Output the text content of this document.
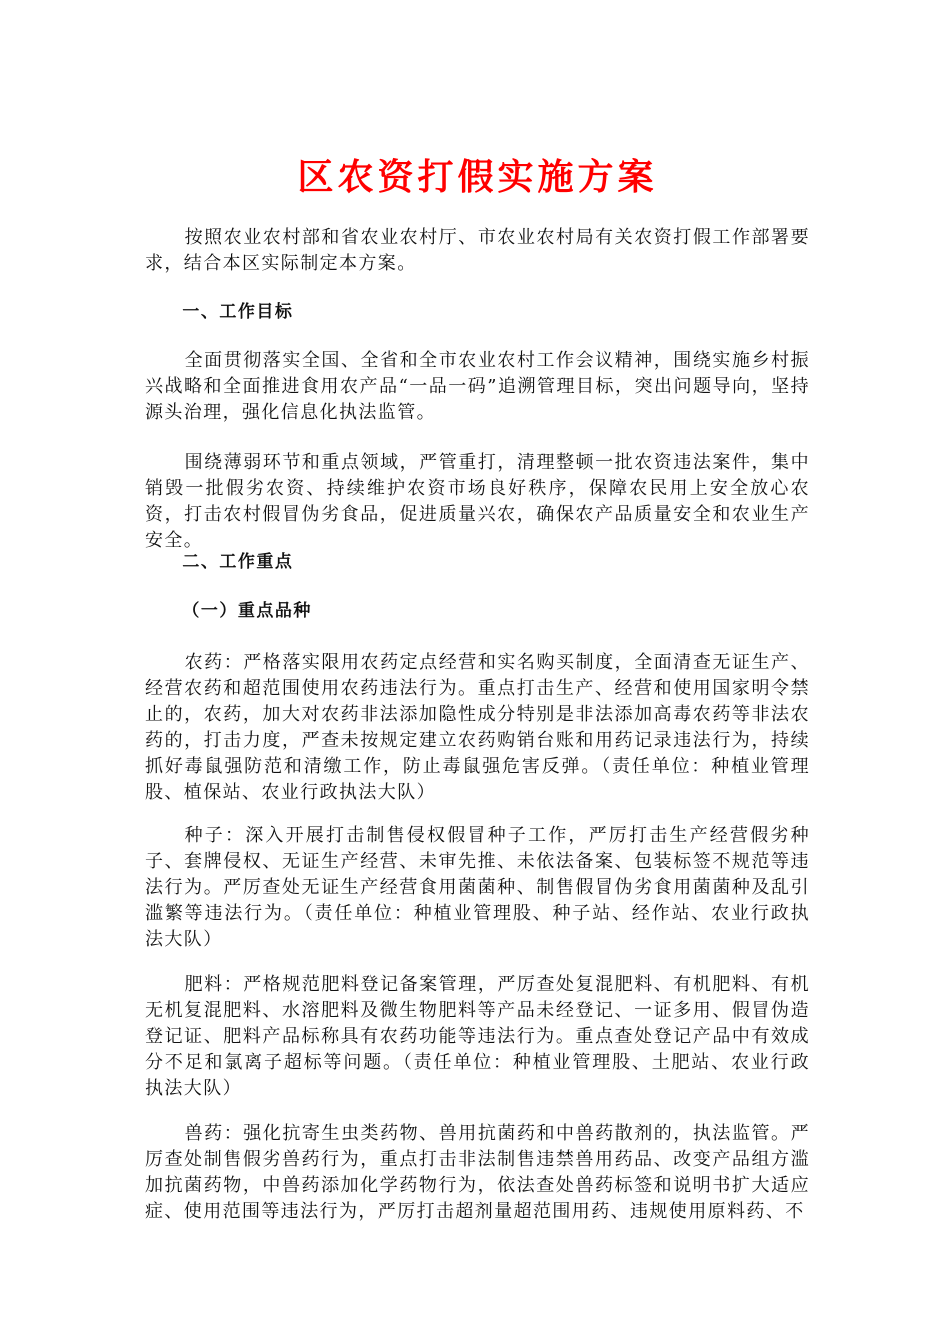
区农资打假实施方案
按照农业农村部和省农业农村厅、市农业农村局有关农资打假工作部署要求，结合本区实际制定本方案。
一、工作目标
全面贯彻落实全国、全省和全市农业农村工作会议精神，围绕实施乡村振兴战略和全面推进食用农产品“一品一码”追溯管理目标，突出问题导向，坚持源头治理，强化信息化执法监管。
围绕薄弱环节和重点领域，严管重打，清理整顿一批农资违法案件，集中销毁一批假劣农资、持续维护农资市场良好秩序，保障农民用上安全放心农资，打击农村假冒伪劣食品，促进质量兴农，确保农产品质量安全和农业生产安全。
二、工作重点
（一）重点品种
农药：严格落实限用农药定点经营和实名购买制度，全面清查无证生产、经营农药和超范围使用农药违法行为。重点打击生产、经营和使用国家明令禁止的，农药，加大对农药非法添加隐性成分特别是非法添加高毒农药等非法农药的，打击力度，严查未按规定建立农药购销台账和用药记录违法行为，持续抓好毒鼠强防范和清缴工作，防止毒鼠强危害反弹。（责任单位：种植业管理股、植保站、农业行政执法大队）
种子：深入开展打击制售侵权假冒种子工作，严厉打击生产经营假劣种子、套牌侵权、无证生产经营、未审先推、未依法备案、包装标签不规范等违法行为。严厉查处无证生产经营食用菌菌种、制售假冒伪劣食用菌菌种及乱引滥繁等违法行为。（责任单位：种植业管理股、种子站、经作站、农业行政执法大队）
肥料：严格规范肥料登记备案管理，严厉查处复混肥料、有机肥料、有机无机复混肥料、水溶肥料及微生物肥料等产品未经登记、一证多用、假冒伪造登记证、肥料产品标称具有农药功能等违法行为。重点查处登记产品中有效成分不足和氯离子超标等问题。（责任单位：种植业管理股、土肥站、农业行政执法大队）
兽药：强化抗寄生虫类药物、兽用抗菌药和中兽药散剂的，执法监管。严厉查处制售假劣兽药行为，重点打击非法制售违禁兽用药品、改变产品组方滥加抗菌药物，中兽药添加化学药物行为，依法查处兽药标签和说明书扩大适应症、使用范围等违法行为，严厉打击超剂量超范围用药、违规使用原料药、不
